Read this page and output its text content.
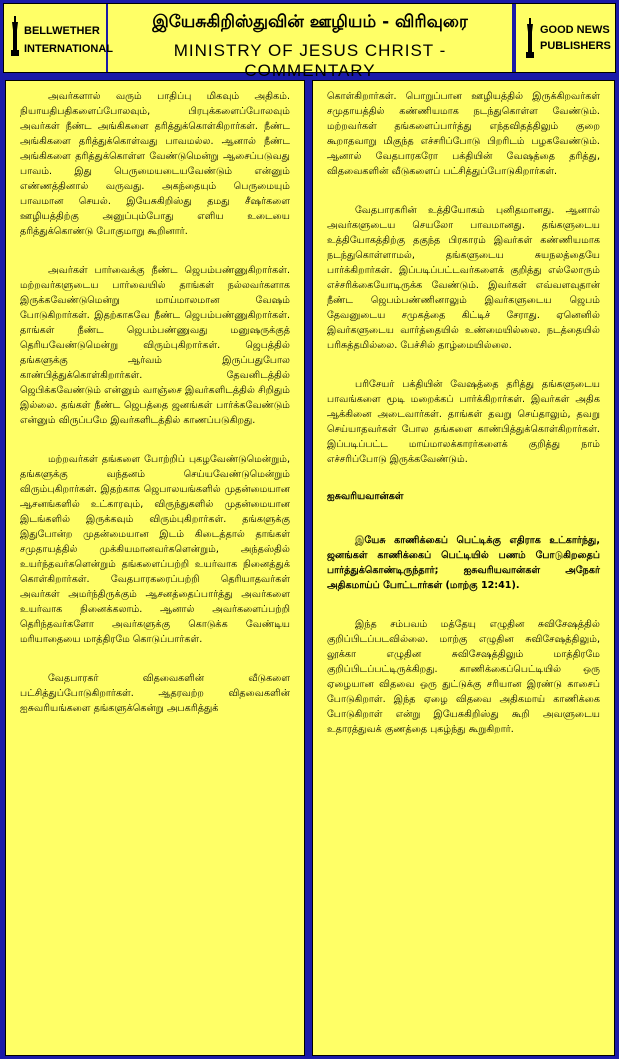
BELLWETHER
INTERNATIONAL
இயேசுகிறிஸ்துவின் ஊழியம் - விரிவுரை
MINISTRY OF JESUS CHRIST - COMMENTARY
GOOD NEWS
PUBLISHERS

அவர்களால் வரும் பாதிப்பு மிகவும் அதிகம். நியாயதிபதிகளைப்போலவும், பிரபுக்களைப்போலவும் அவர்கள் நீண்ட அங்கிகளை தரித்துக்கொள்கிறார்கள். நீண்ட அங்கிகளை தரித்துக்கொள்வது பாவமல்ல. ஆனால் நீண்ட அங்கிகளை தரித்துக்கொள்ள வேண்டுமென்று ஆசைப்படுவது பாவம். இது பெருமையடையவேண்டும் என்னும் எண்ணத்தினால் வருவது. அகந்தையும் பெருமையும் பாவமான செயல். இயேசுகிறிஸ்து தமது சீஷர்களை ஊழியத்திற்கு அனுப்பும்போது எளிய உடையை தரித்துக்கொண்டு போகுமாறு கூறினார்.

அவர்கள் பார்வைக்கு நீண்ட ஜெபம்பண்ணுகிறார்கள். மற்றவர்களுடைய பார்வையில் தாங்கள் நல்லவர்களாக இருக்கவேண்டுமென்று மாய்மாலமான வேஷம் போடுகிறார்கள். இதற்காகவே நீண்ட ஜெபம்பண்ணுகிறார்கள். தாங்கள் நீண்ட ஜெபம்பண்ணுவது மனுஷருக்குத் தெரியவேண்டுமென்று விரும்புகிறார்கள். ஜெபத்தில் தங்களுக்கு ஆர்வம் இருப்பதுபோல காண்பித்துக்கொள்கிறார்கள். தேவனிடத்தில் ஜெபிக்கவேண்டும் என்னும் வாஞ்சை இவர்களிடத்தில் சிறிதும் இல்லை. தங்கள் நீண்ட ஜெபத்தை ஜனங்கள் பார்க்கவேண்டும் என்னும் விருப்பமே இவர்களிடத்தில் காணப்படுகிறது.

மற்றவர்கள் தங்களை போற்றிப் புகழவேண்டுமென்றும், தங்களுக்கு வந்தனம் செய்யவேண்டுமென்றும் விரும்புகிறார்கள். இதற்காக ஜெபாலயங்களில் முதன்மையான ஆசனங்களில் உட்காரவும், விருந்துகளில் முதன்மையான இடங்களில் இருக்கவும் விரும்புகிறார்கள். தங்களுக்கு இதுபோன்ற முதன்மையான இடம் கிடைத்தால் தாங்கள் சமுதாயத்தில் முக்கியமானவர்களென்றும், அந்தஸ்தில் உயர்ந்தவர்களென்றும் தங்களைப்பற்றி உயர்வாக நினைத்துக் கொள்கிறார்கள். வேதபாரகரைப்பற்றி தெரியாதவர்கள் அவர்கள் அமர்ந்திருக்கும் ஆசனத்தைப்பார்த்து அவர்களை உயர்வாக நினைக்கலாம். ஆனால் அவர்களைப்பற்றி தெரிந்தவர்களோ அவர்களுக்கு கொடுக்க வேண்டிய மரியாதையை மாத்திரமே கொடுப்பார்கள்.

வேதபாரகர் விதவைகளின் வீடுகளை பட்சித்துப்போடுகிறார்கள். ஆதரவற்ற விதவைகளின் ஐசுவரியங்களை தங்களுக்கென்று அபகரித்துக்

கொள்கிறார்கள். பொறுப்பான ஊழியத்தில் இருக்கிறவர்கள் சமுதாயத்தில் கண்ணியமாக நடந்துகொள்ள வேண்டும். மற்றவர்கள் தங்களைப்பார்த்து எந்தவிதத்திலும் குறை கூறாதவாறு மிகுந்த எச்சரிப்போடு பிறரிடம் பழகவேண்டும். ஆனால் வேதபாரகரோ பக்தியின் வேஷத்தை தரித்து, விதவைகளின் வீடுகளைப் பட்சித்துப்போடுகிறார்கள்.

வேதபாரகரின் உத்தியோகம் புனிதமானது. ஆனால் அவர்களுடைய செயலோ பாவமானது. தங்களுடைய உத்தியோகத்திற்கு தகுந்த பிரகாரம் இவர்கள் கண்ணியமாக நடந்துகொள்ளாமல், தங்களுடைய சுயநலத்தையே பார்க்கிறார்கள். இப்படிப்பட்டவர்களைக் குறித்து எல்லோரும் எச்சரிக்கையோடிருக்க வேண்டும். இவர்கள் எவ்வளவுதான் நீண்ட ஜெபம்பண்ணினாலும் இவர்களுடைய ஜெபம் தேவனுடைய சமுகத்தை கிட்டிச் சேராது. ஏனெனில் இவர்களுடைய வார்த்தையில் உண்மையில்லை. நடத்தையில் பரிசுத்தமில்லை. பேச்சில் தாழ்மையில்லை.

பரிசேயர் பக்தியின் வேஷத்தை தரித்து தங்களுடைய பாவங்களை மூடி மறைக்கப் பார்க்கிறார்கள். இவர்கள் அதிக ஆக்கினை அடைவார்கள். தாங்கள் தவறு செய்தாலும், தவறு செய்யாதவர்கள் போல தங்களை காண்பித்துக்கொள்கிறார்கள். இப்படிப்பட்ட மாய்மாலக்காரர்களைக் குறித்து நாம் எச்சரிப்போடு இருக்கவேண்டும்.

ஐசுவரியவான்கள்

இயேசு காணிக்கைப் பெட்டிக்கு எதிராக உட்கார்ந்து, ஜனங்கள் காணிக்கைப் பெட்டியில் பணம் போடுகிறதைப் பார்த்துக்கொண்டிருந்தார்; ஐசுவரியவான்கள் அநேகர் அதிகமாய்ப் போட்டார்கள் (மாற்கு 12:41).

இந்த சம்பவம் மத்தேயு எழுதின சுவிசேஷத்தில் குறிப்பிடப்படவில்லை. மாற்கு எழுதின சுவிசேஷத்திலும், லூக்கா எழுதின சுவிசேஷத்திலும் மாத்திரமே குறிப்பிடப்பட்டிருக்கிறது. காணிக்கைப்பெட்டியில் ஒரு ஏழையான விதவை ஒரு துட்டுக்கு சரியான இரண்டு காசைப் போடுகிறாள். இந்த ஏழை விதவை அதிகமாய் காணிக்கை போடுகிறாள் என்று இயேசுகிறிஸ்து கூறி அவளுடைய உதாரத்துவக் குணத்தை புகழ்ந்து கூறுகிறார்.
